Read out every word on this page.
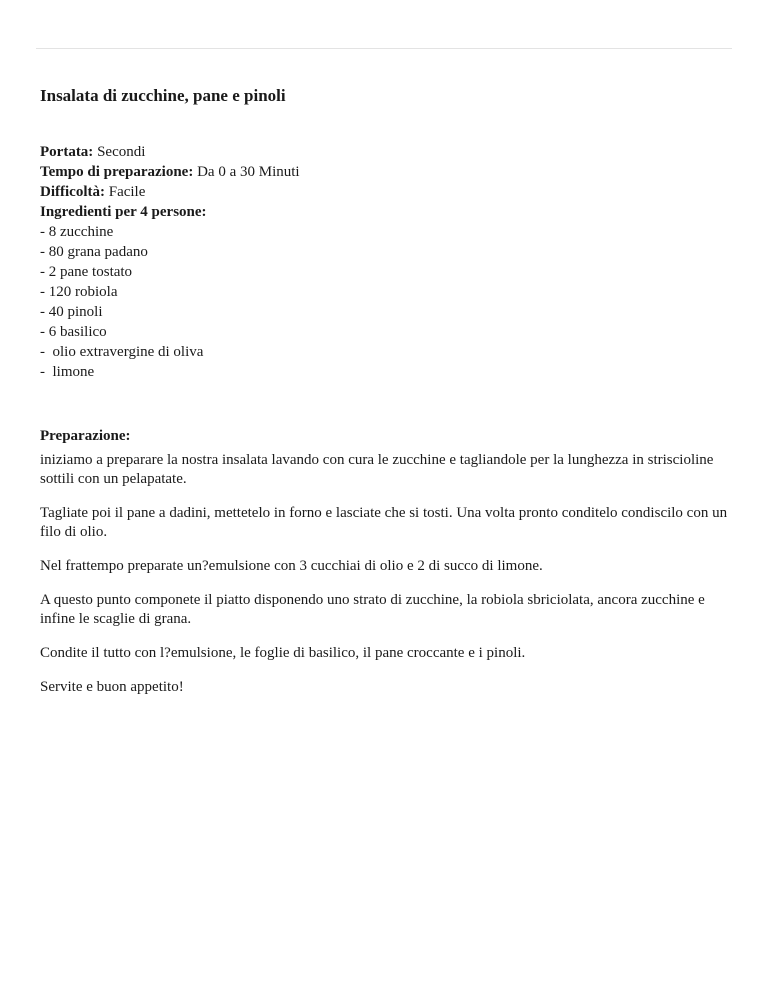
Insalata di zucchine, pane e pinoli
Portata: Secondi
Tempo di preparazione: Da 0 a 30 Minuti
Difficoltà: Facile
Ingredienti per 4 persone:
- 8 zucchine
- 80 grana padano
- 2 pane tostato
- 120 robiola
- 40 pinoli
- 6 basilico
-  olio extravergine di oliva
-  limone
Preparazione:

iniziamo a preparare la nostra insalata lavando con cura le zucchine e tagliandole per la lunghezza in striscioline sottili con un pelapatate.

Tagliate poi il pane a dadini, mettetelo in forno e lasciate che si tosti. Una volta pronto conditelo condiscilo con un filo di olio.

Nel frattempo preparate un?emulsione con 3 cucchiai di olio e 2 di succo di limone.

A questo punto componete il piatto disponendo uno strato di zucchine, la robiola sbriciolata, ancora zucchine e infine le scaglie di grana.

Condite il tutto con l?emulsione, le foglie di basilico, il pane croccante e i pinoli.

Servite e buon appetito!
